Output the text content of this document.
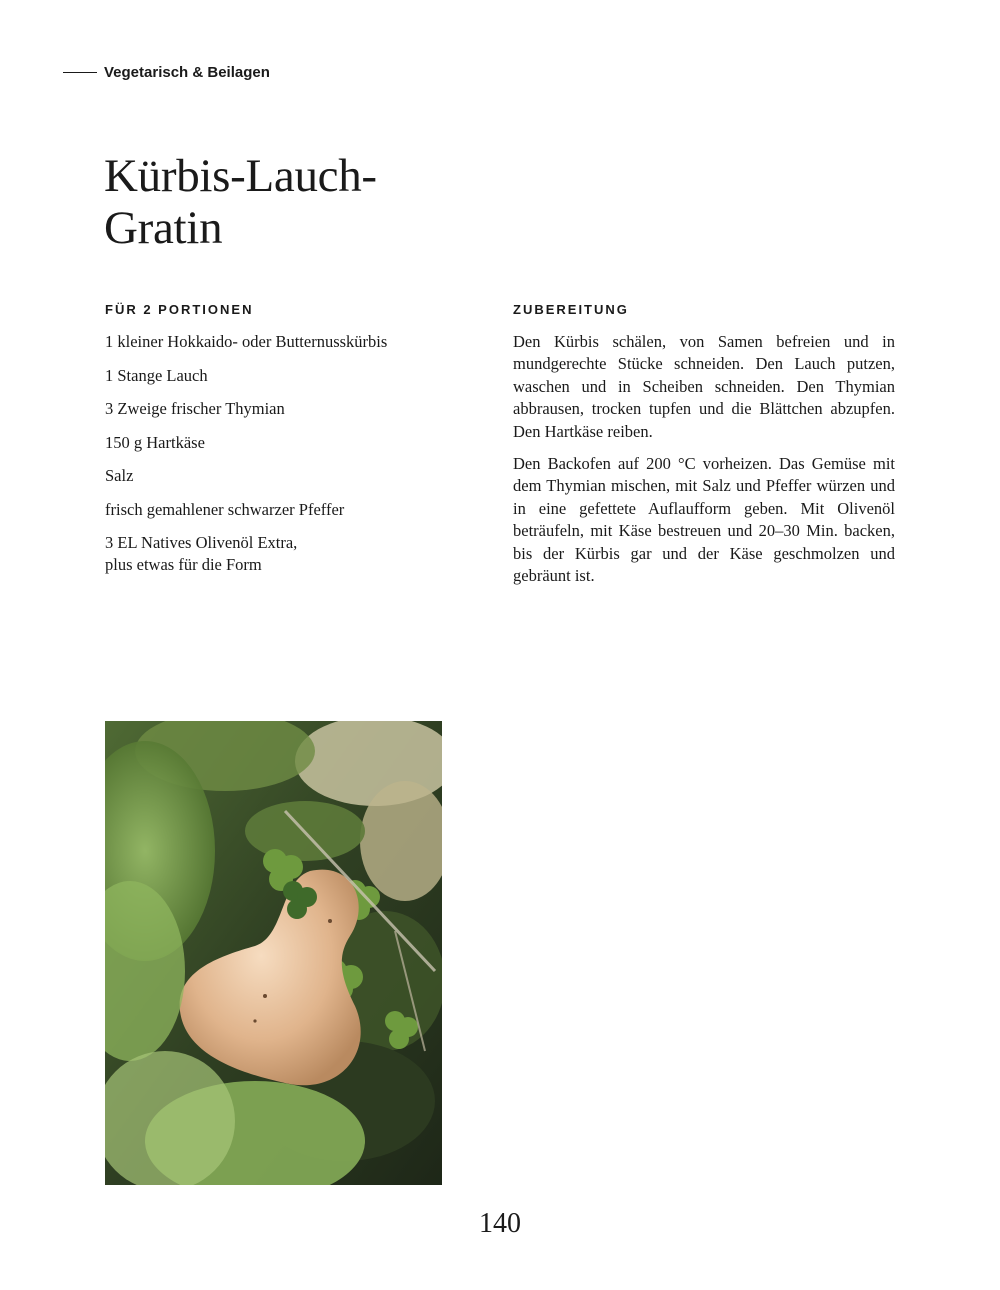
Vegetarisch & Beilagen
Kürbis-Lauch-
Gratin
FÜR 2 PORTIONEN
1 kleiner Hokkaido- oder Butternusskürbis
1 Stange Lauch
3 Zweige frischer Thymian
150 g Hartkäse
Salz
frisch gemahlener schwarzer Pfeffer
3 EL Natives Olivenöl Extra,
plus etwas für die Form
ZUBEREITUNG

Den Kürbis schälen, von Samen befreien und in mundgerechte Stücke schneiden. Den Lauch putzen, waschen und in Scheiben schneiden. Den Thymian abbrausen, trocken tupfen und die Blättchen abzupfen. Den Hartkäse reiben.

Den Backofen auf 200 °C vorheizen. Das Gemüse mit dem Thymian mischen, mit Salz und Pfeffer würzen und in eine gefettete Auflaufform geben. Mit Olivenöl beträufeln, mit Käse bestreuen und 20–30 Min. backen, bis der Kürbis gar und der Käse geschmolzen und gebräunt ist.

140
